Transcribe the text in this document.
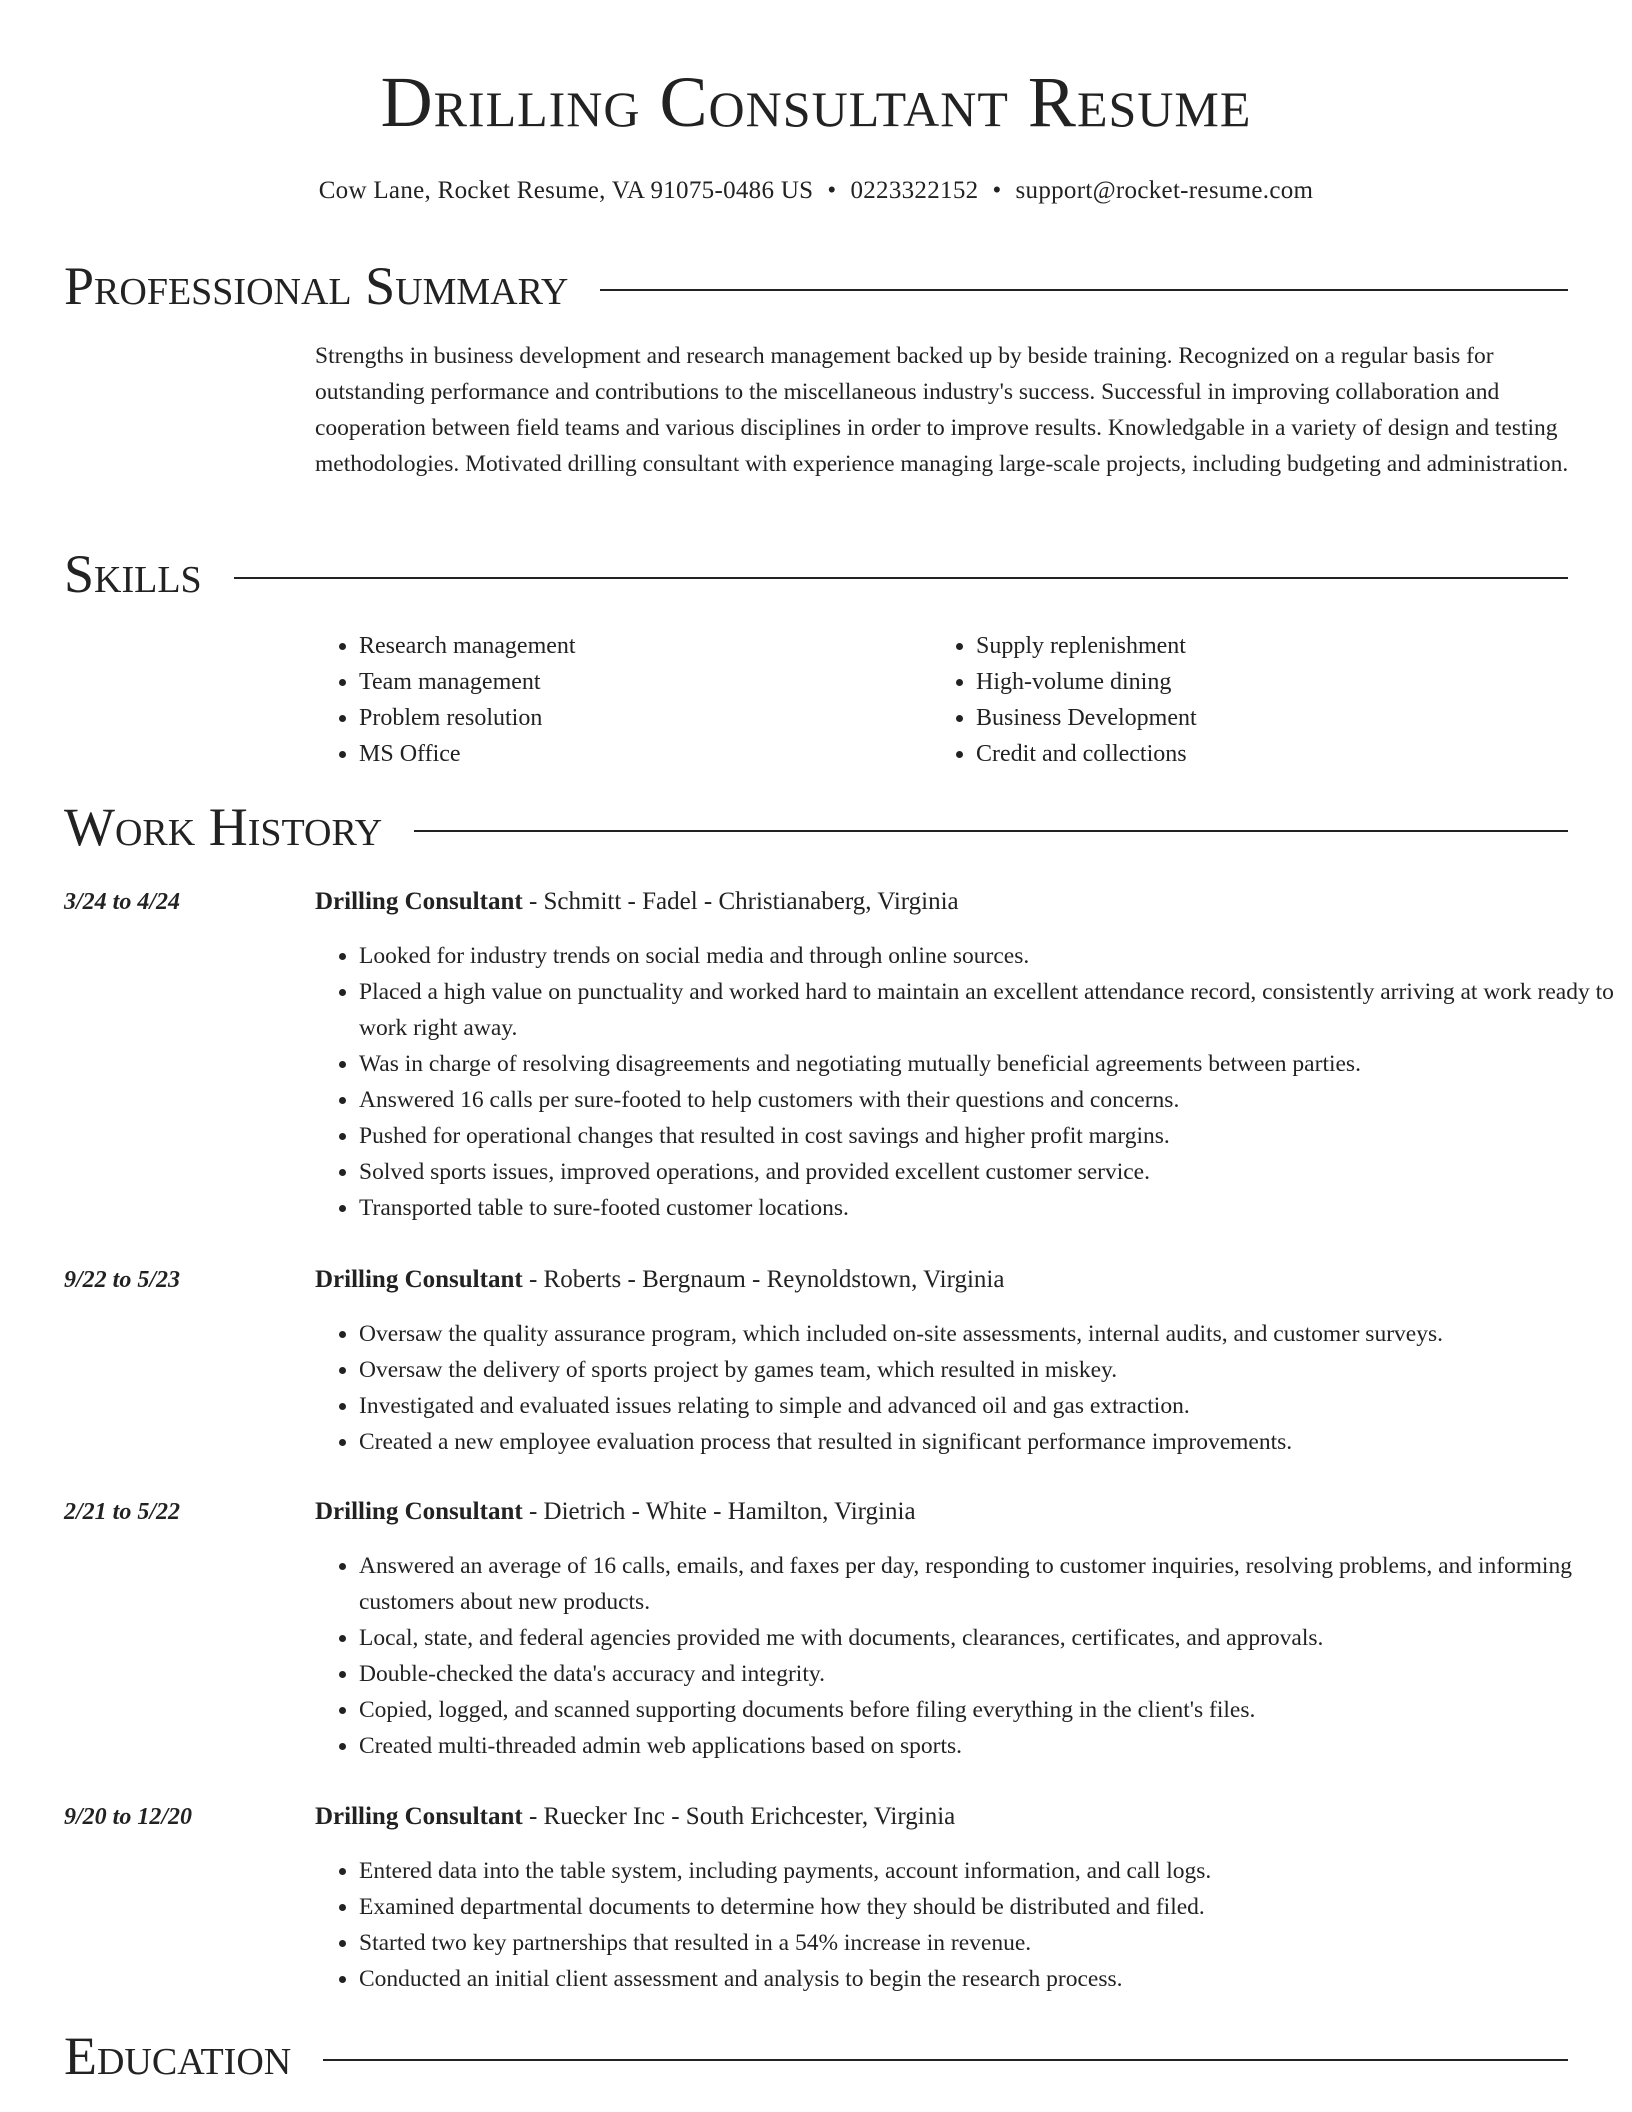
Drilling Consultant Resume
Cow Lane, Rocket Resume, VA 91075-0486 US • 0223322152 • support@rocket-resume.com
Professional Summary

Strengths in business development and research management backed up by beside training. Recognized on a regular basis for outstanding performance and contributions to the miscellaneous industry's success. Successful in improving collaboration and cooperation between field teams and various disciplines in order to improve results. Knowledgable in a variety of design and testing methodologies. Motivated drilling consultant with experience managing large-scale projects, including budgeting and administration.

Skills
• Research management
• Team management
• Problem resolution
• MS Office
• Supply replenishment
• High-volume dining
• Business Development
• Credit and collections
Work History
3/24 to 4/24	Drilling Consultant - Schmitt - Fadel - Christianaberg, Virginia
• Looked for industry trends on social media and through online sources.
• Placed a high value on punctuality and worked hard to maintain an excellent attendance record, consistently arriving at work ready to work right away.
• Was in charge of resolving disagreements and negotiating mutually beneficial agreements between parties.
• Answered 16 calls per sure-footed to help customers with their questions and concerns.
• Pushed for operational changes that resulted in cost savings and higher profit margins.
• Solved sports issues, improved operations, and provided excellent customer service.
• Transported table to sure-footed customer locations.
9/22 to 5/23	Drilling Consultant - Roberts - Bergnaum - Reynoldstown, Virginia
• Oversaw the quality assurance program, which included on-site assessments, internal audits, and customer surveys.
• Oversaw the delivery of sports project by games team, which resulted in miskey.
• Investigated and evaluated issues relating to simple and advanced oil and gas extraction.
• Created a new employee evaluation process that resulted in significant performance improvements.
2/21 to 5/22	Drilling Consultant - Dietrich - White - Hamilton, Virginia
• Answered an average of 16 calls, emails, and faxes per day, responding to customer inquiries, resolving problems, and informing customers about new products.
• Local, state, and federal agencies provided me with documents, clearances, certificates, and approvals.
• Double-checked the data's accuracy and integrity.
• Copied, logged, and scanned supporting documents before filing everything in the client's files.
• Created multi-threaded admin web applications based on sports.
9/20 to 12/20	Drilling Consultant - Ruecker Inc - South Erichcester, Virginia
• Entered data into the table system, including payments, account information, and call logs.
• Examined departmental documents to determine how they should be distributed and filed.
• Started two key partnerships that resulted in a 54% increase in revenue.
• Conducted an initial client assessment and analysis to begin the research process.
Education
